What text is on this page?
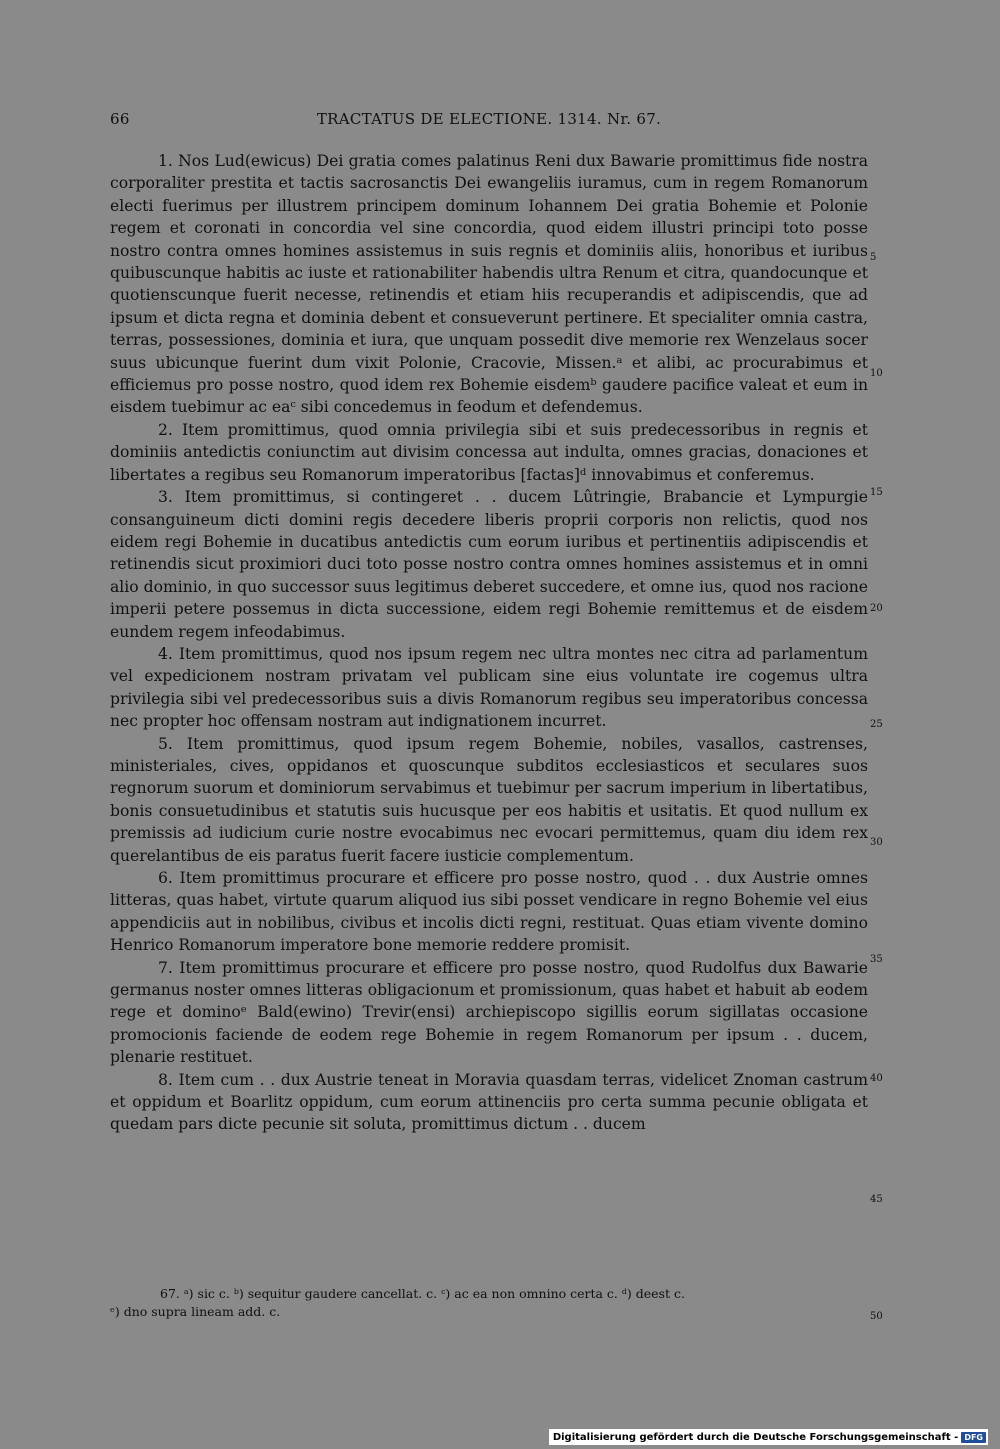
66	TRACTATUS DE ELECTIONE. 1314. Nr. 67.

1. Nos Lud(ewicus) Dei gratia comes palatinus Reni dux Bawarie promittimus fide nostra corporaliter prestita et tactis sacrosanctis Dei ewangeliis iuramus, cum in regem Romanorum electi fuerimus per illustrem principem dominum Iohannem Dei gratia Bohemie et Polonie regem et coronati in concordia vel sine concordia, quod eidem illustri principi toto posse nostro contra omnes homines assistemus in suis regnis et dominiis aliis, honoribus et iuribus quibuscunque habitis ac iuste et rationabiliter habendis ultra Renum et citra, quandocunque et quotienscunque fuerit necesse, retinendis et etiam hiis recuperandis et adipiscendis, que ad ipsum et dicta regna et dominia debent et consueverunt pertinere. Et specialiter omnia castra, terras, possessiones, dominia et iura, que unquam possedit dive memorie rex Wenzelaus socer suus ubicunque fuerint dum vixit Polonie, Cracovie, Missen.ᵃ et alibi, ac procurabimus et efficiemus pro posse nostro, quod idem rex Bohemie eisdemᵇ gaudere pacifice valeat et eum in eisdem tuebimur ac eaᶜ sibi concedemus in feodum et defendemus.

2. Item promittimus, quod omnia privilegia sibi et suis predecessoribus in regnis et dominiis antedictis coniunctim aut divisim concessa aut indulta, omnes gracias, donaciones et libertates a regibus seu Romanorum imperatoribus [factas]ᵈ innovabimus et conferemus.

3. Item promittimus, si contingeret . . ducem Lûtringie, Brabancie et Lympurgie consanguineum dicti domini regis decedere liberis proprii corporis non relictis, quod nos eidem regi Bohemie in ducatibus antedictis cum eorum iuribus et pertinentiis adipiscendis et retinendis sicut proximiori duci toto posse nostro contra omnes homines assistemus et in omni alio dominio, in quo successor suus legitimus deberet succedere, et omne ius, quod nos racione imperii petere possemus in dicta successione, eidem regi Bohemie remittemus et de eisdem eundem regem infeodabimus.

4. Item promittimus, quod nos ipsum regem nec ultra montes nec citra ad parlamentum vel expedicionem nostram privatam vel publicam sine eius voluntate ire cogemus ultra privilegia sibi vel predecessoribus suis a divis Romanorum regibus seu imperatoribus concessa nec propter hoc offensam nostram aut indignationem incurret.

5. Item promittimus, quod ipsum regem Bohemie, nobiles, vasallos, castrenses, ministeriales, cives, oppidanos et quoscunque subditos ecclesiasticos et seculares suos regnorum suorum et dominiorum servabimus et tuebimur per sacrum imperium in libertatibus, bonis consuetudinibus et statutis suis hucusque per eos habitis et usitatis. Et quod nullum ex premissis ad iudicium curie nostre evocabimus nec evocari permittemus, quam diu idem rex querelantibus de eis paratus fuerit facere iusticie complementum.

6. Item promittimus procurare et efficere pro posse nostro, quod . . dux Austrie omnes litteras, quas habet, virtute quarum aliquod ius sibi posset vendicare in regno Bohemie vel eius appendiciis aut in nobilibus, civibus et incolis dicti regni, restituat. Quas etiam vivente domino Henrico Romanorum imperatore bone memorie reddere promisit.

7. Item promittimus procurare et efficere pro posse nostro, quod Rudolfus dux Bawarie germanus noster omnes litteras obligacionum et promissionum, quas habet et habuit ab eodem rege et dominoᵉ Bald(ewino) Trevir(ensi) archiepiscopo sigillis eorum sigillatas occasione promocionis faciende de eodem rege Bohemie in regem Romanorum per ipsum . . ducem, plenarie restituet.

8. Item cum . . dux Austrie teneat in Moravia quasdam terras, videlicet Znoman castrum et oppidum et Boarlitz oppidum, cum eorum attinenciis pro certa summa pecunie obligata et quedam pars dicte pecunie sit soluta, promittimus dictum . . ducem

5
10
15
20
25
30
35
40
45
50

67. ᵃ) sic c. ᵇ) sequitur gaudere cancellat. c. ᶜ) ac ea non omnino certa c. ᵈ) deest c.

ᵉ) dno supra lineam add. c.

Digitalisierung gefördert durch die Deutsche Forschungsgemeinschaft - DFG
